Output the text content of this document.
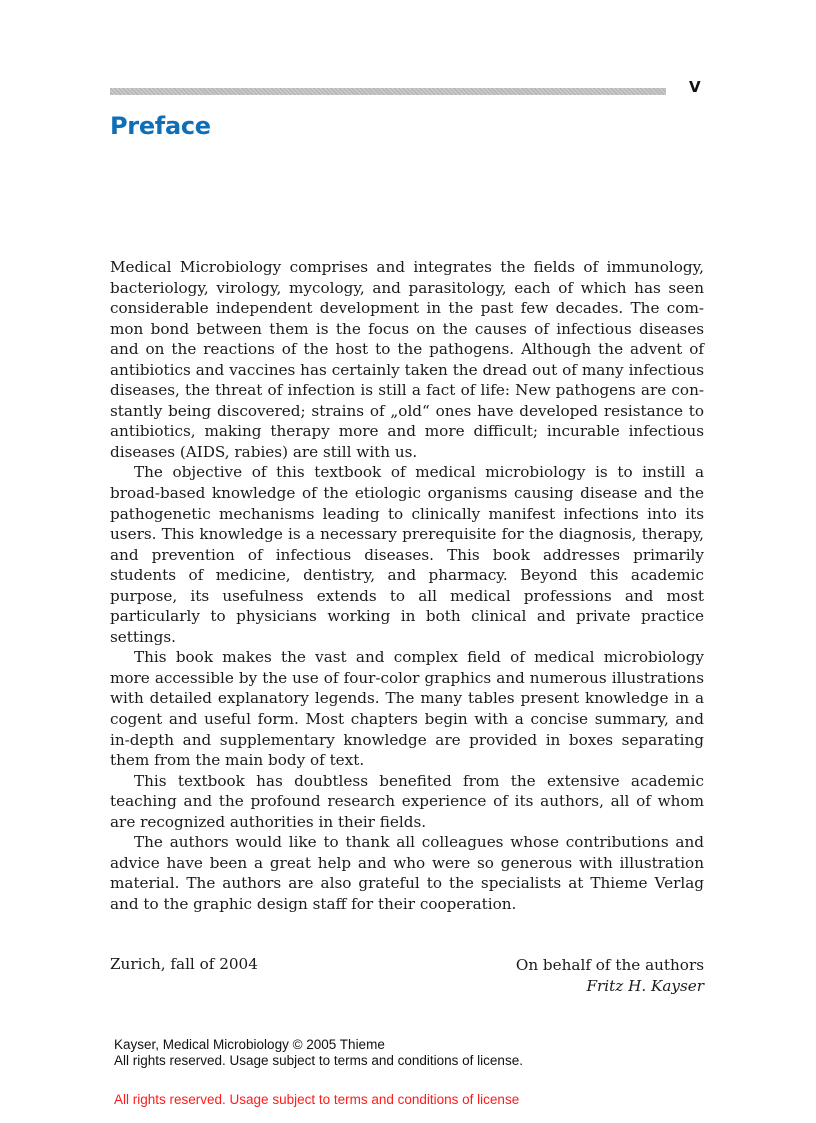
V
Preface

Medical Microbiology comprises and integrates the fields of immunology, bacteriology, virology, mycology, and parasitology, each of which has seen considerable independent development in the past few decades. The common bond between them is the focus on the causes of infectious diseases and on the reactions of the host to the pathogens. Although the advent of antibiotics and vaccines has certainly taken the dread out of many infectious diseases, the threat of infection is still a fact of life: New pathogens are constantly being discovered; strains of „old“ ones have developed resistance to antibiotics, making therapy more and more difficult; incurable infectious diseases (AIDS, rabies) are still with us.

The objective of this textbook of medical microbiology is to instill a broad-based knowledge of the etiologic organisms causing disease and the pathogenetic mechanisms leading to clinically manifest infections into its users. This knowledge is a necessary prerequisite for the diagnosis, therapy, and prevention of infectious diseases. This book addresses primarily students of medicine, dentistry, and pharmacy. Beyond this academic purpose, its usefulness extends to all medical professions and most particularly to physicians working in both clinical and private practice settings.

This book makes the vast and complex field of medical microbiology more accessible by the use of four-color graphics and numerous illustrations with detailed explanatory legends. The many tables present knowledge in a cogent and useful form. Most chapters begin with a concise summary, and in-depth and supplementary knowledge are provided in boxes separating them from the main body of text.

This textbook has doubtless benefited from the extensive academic teaching and the profound research experience of its authors, all of whom are recognized authorities in their fields.

The authors would like to thank all colleagues whose contributions and advice have been a great help and who were so generous with illustration material. The authors are also grateful to the specialists at Thieme Verlag and to the graphic design staff for their cooperation.

Zurich, fall of 2004	On behalf of the authors
Fritz H. Kayser
Kayser, Medical Microbiology © 2005 Thieme
All rights reserved. Usage subject to terms and conditions of license.
All rights reserved. Usage subject to terms and conditions of license
